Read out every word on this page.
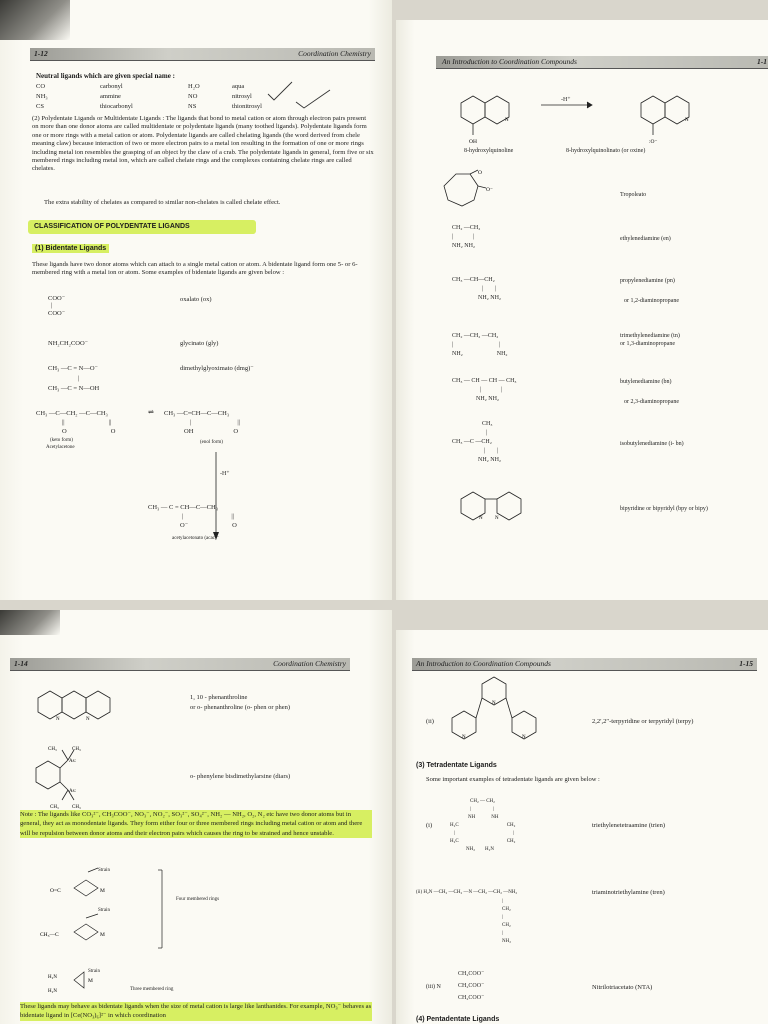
1-12	Coordination Chemistry
Neutral ligands which are given special name :
CO	carbonyl	H₂O	aqua
NH₃	ammine	NO	nitrosyl
CS	thiocarbonyl	NS	thionitrosyl
(2) Polydentate Ligands or Multidentate Ligands : The ligands that bond to metal cation or atom through electron pairs present on more than one donor atoms are called multidentate or polydentate ligands (many toothed ligands). Polydentate ligands form one or more rings with a metal cation or atom. Polydentate ligands are called chelating ligands (the word derived from chele meaning claw) because interaction of two or more electron pairs to a metal ion resulting in the formation of one or more rings including metal ion resembles the grasping of an object by the claw of a crab. The polydentate ligands in general, form five or six membered rings including metal ion, which are called chelate rings and the complexes containing chelate rings are called chelates.
The extra stability of chelates as compared to similar non-chelates is called chelate effect.
CLASSIFICATION OF POLYDENTATE LIGANDS
(1) Bidentate Ligands
These ligands have two donor atoms which can attach to a single metal cation or atom. A bidentate ligand form one 5- or 6- membered ring with a metal ion or atom. Some examples of bidentate ligands are given below :
COO⁻
|
COO⁻
oxalato (ox)
NH₂CH₂COO⁻	glycinato (gly)
CH₃ —C = N—O⁻
|
CH₃ —C = N—OH
dimethylglyoximato (dmg)⁻
CH₃ —C—CH₂ —C—CH₃
||	||
O	O
(keto form)
Acetylacetone
⇌ CH₃ —C=CH—C—CH₃
|	||
OH	O
(enol form)
-H⁺
CH₃ — C = CH—C—CH₃
|	||
O⁻	O
acetylacetonato (acac)⁻
An Introduction to Coordination Compounds	1-1
N
OH
N
:O⁻
-H⁺
8-hydroxylquinoline	8-hydroxylquinolinato (or oxine)
O
O⁻
Tropoleato
CH₂ —CH₂
|	|
NH₂ NH₂
ethylenediamine (en)
CH₃ —CH—CH₂
| |
NH₂ NH₂
propylenediamine (pn)
or 1,2-diaminopropane
CH₂ —CH₂ —CH₂
|	|
NH₂	NH₂
trimethylenediamine (tn)
or 1,3-diaminopropane
CH₃ — CH — CH — CH₃
|	|
NH₂ NH₂
butylenediamine (bn)
or 2,3-diaminopropane
CH₃
|
CH₃ —C —CH₂
| |
NH₂ NH₂
isobutylenediamine (i- bn)
N N
bipyridine or bipyridyl (bpy or bipy)
1-14	Coordination Chemistry
N	N
1, 10 - phenanthroline
or o- phenanthroline (o- phen or phen)
CH₃	CH₃
As:
As:
CH₃	CH₃
o- phenylene bisdimethylarsine (diars)
Note : The ligands like CO₃²⁻, CH₃COO⁻, NO₃⁻, NO₂⁻, SO₃²⁻, SO₄²⁻, NH₂ — NH₂, O₂, N₂ etc have two donor atoms but in general, they act as monodentate ligands. They form either four or three membered rings including metal cation or atom and there will be repulsion between donor atoms and their electron pairs which causes the ring to be strained and hence unstable.
O=C	M
CH₃—C	M
H₂N
H₂N
M
Strain
Strain
Four membered rings
Strain
Three membered ring
These ligands may behave as bidentate ligands when the size of metal cation is large like lanthanides. For example, NO₃⁻ behaves as bidentate ligand in [Ce(NO₃)₆]²⁻ in which coordination
An Introduction to Coordination Compounds	1-15
(ii)
N
N	N
2,2′,2″-terpyridine or terpyridyl (terpy)
(3) Tetradentate Ligands
Some important examples of tetradentate ligands are given below :
(i)
CH₂ — CH₂
|	|
NH	NH
H₂C	CH₂
|	|
H₂C	CH₂
NH₂ H₂N
triethylenetetraamine (trien)
(ii) H₂N —CH₂ —CH₂ —N —CH₂ —CH₂ —NH₂
|
CH₂
|
CH₂
|
NH₂
triaminotriethylamine (tren)
(iii) N
CH₂COO⁻
CH₂COO⁻
CH₂COO⁻
Nitrilotriacetato (NTA)
(4) Pentadentate Ligands
